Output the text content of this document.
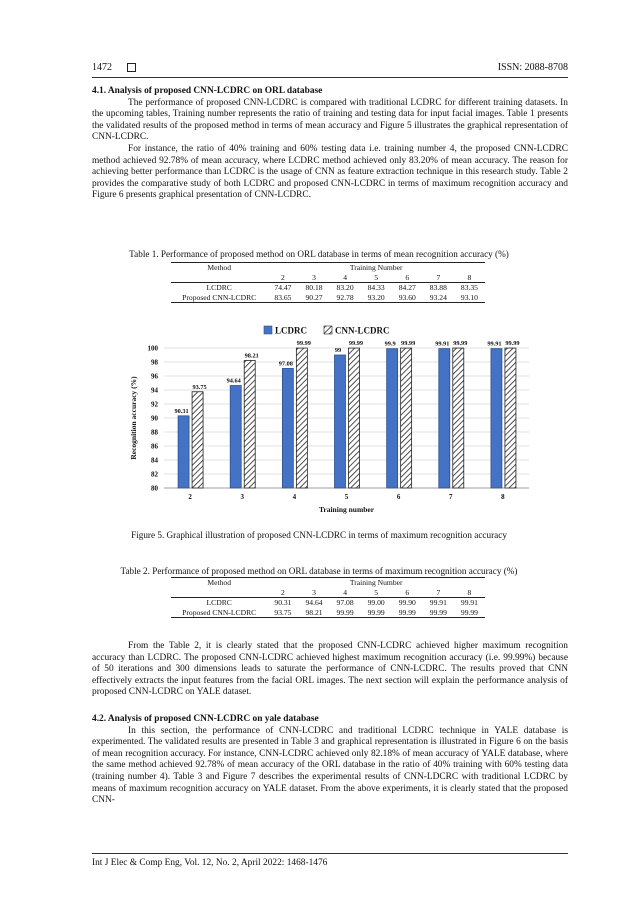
1472	ISSN: 2088-8708
4.1. Analysis of proposed CNN-LCDRC on ORL database
The performance of proposed CNN-LCDRC is compared with traditional LCDRC for different training datasets. In the upcoming tables, Training number represents the ratio of training and testing data for input facial images. Table 1 presents the validated results of the proposed method in terms of mean accuracy and Figure 5 illustrates the graphical representation of CNN-LCDRC.
For instance, the ratio of 40% training and 60% testing data i.e. training number 4, the proposed CNN-LCDRC method achieved 92.78% of mean accuracy, where LCDRC method achieved only 83.20% of mean accuracy. The reason for achieving better performance than LCDRC is the usage of CNN as feature extraction technique in this research study. Table 2 provides the comparative study of both LCDRC and proposed CNN-LCDRC in terms of maximum recognition accuracy and Figure 6 presents graphical presentation of CNN-LCDRC.
Table 1. Performance of proposed method on ORL database in terms of mean recognition accuracy (%)
Method	Training Number						
	2	3	4	5	6	7	8
LCDRC	74.47	80.18	83.20	84.33	84.27	83.88	83.35
Proposed CNN-LCDRC	83.65	90.27	92.78	93.20	93.60	93.24	93.10
80
82
84
86
88
90
92
94
96
98
100
2
90.31
93.75
3
94.64
98.21
4
97.08
99.99
5
99
99.99
6
99.9 99.99
7
99.91 99.99
8
99.91 99.99
Training number
Recognition accuracy (%)
LCDRC	CNN-LCDRC
Figure 5. Graphical illustration of proposed CNN-LCDRC in terms of maximum recognition accuracy
Table 2. Performance of proposed method on ORL database in terms of maximum recognition accuracy (%)
Method	Training Number						
	2	3	4	5	6	7	8
LCDRC	90.31	94.64	97.08	99.00	99.90	99.91	99.91
Proposed CNN-LCDRC	93.75	98.21	99.99	99.99	99.99	99.99	99.99
From the Table 2, it is clearly stated that the proposed CNN-LCDRC achieved higher maximum recognition accuracy than LCDRC. The proposed CNN-LCDRC achieved highest maximum recognition accuracy (i.e. 99.99%) because of 50 iterations and 300 dimensions leads to saturate the performance of CNN-LCDRC. The results proved that CNN effectively extracts the input features from the facial ORL images. The next section will explain the performance analysis of proposed CNN-LCDRC on YALE dataset.
4.2. Analysis of proposed CNN-LCDRC on yale database
In this section, the performance of CNN-LCDRC and traditional LCDRC technique in YALE database is experimented. The validated results are presented in Table 3 and graphical representation is illustrated in Figure 6 on the basis of mean recognition accuracy. For instance, CNN-LCDRC achieved only 82.18% of mean accuracy of YALE database, where the same method achieved 92.78% of mean accuracy of the ORL database in the ratio of 40% training with 60% testing data (training number 4). Table 3 and Figure 7 describes the experimental results of CNN-LDCRC with traditional LCDRC by means of maximum recognition accuracy on YALE dataset. From the above experiments, it is clearly stated that the proposed CNN-
Int J Elec & Comp Eng, Vol. 12, No. 2, April 2022: 1468-1476
